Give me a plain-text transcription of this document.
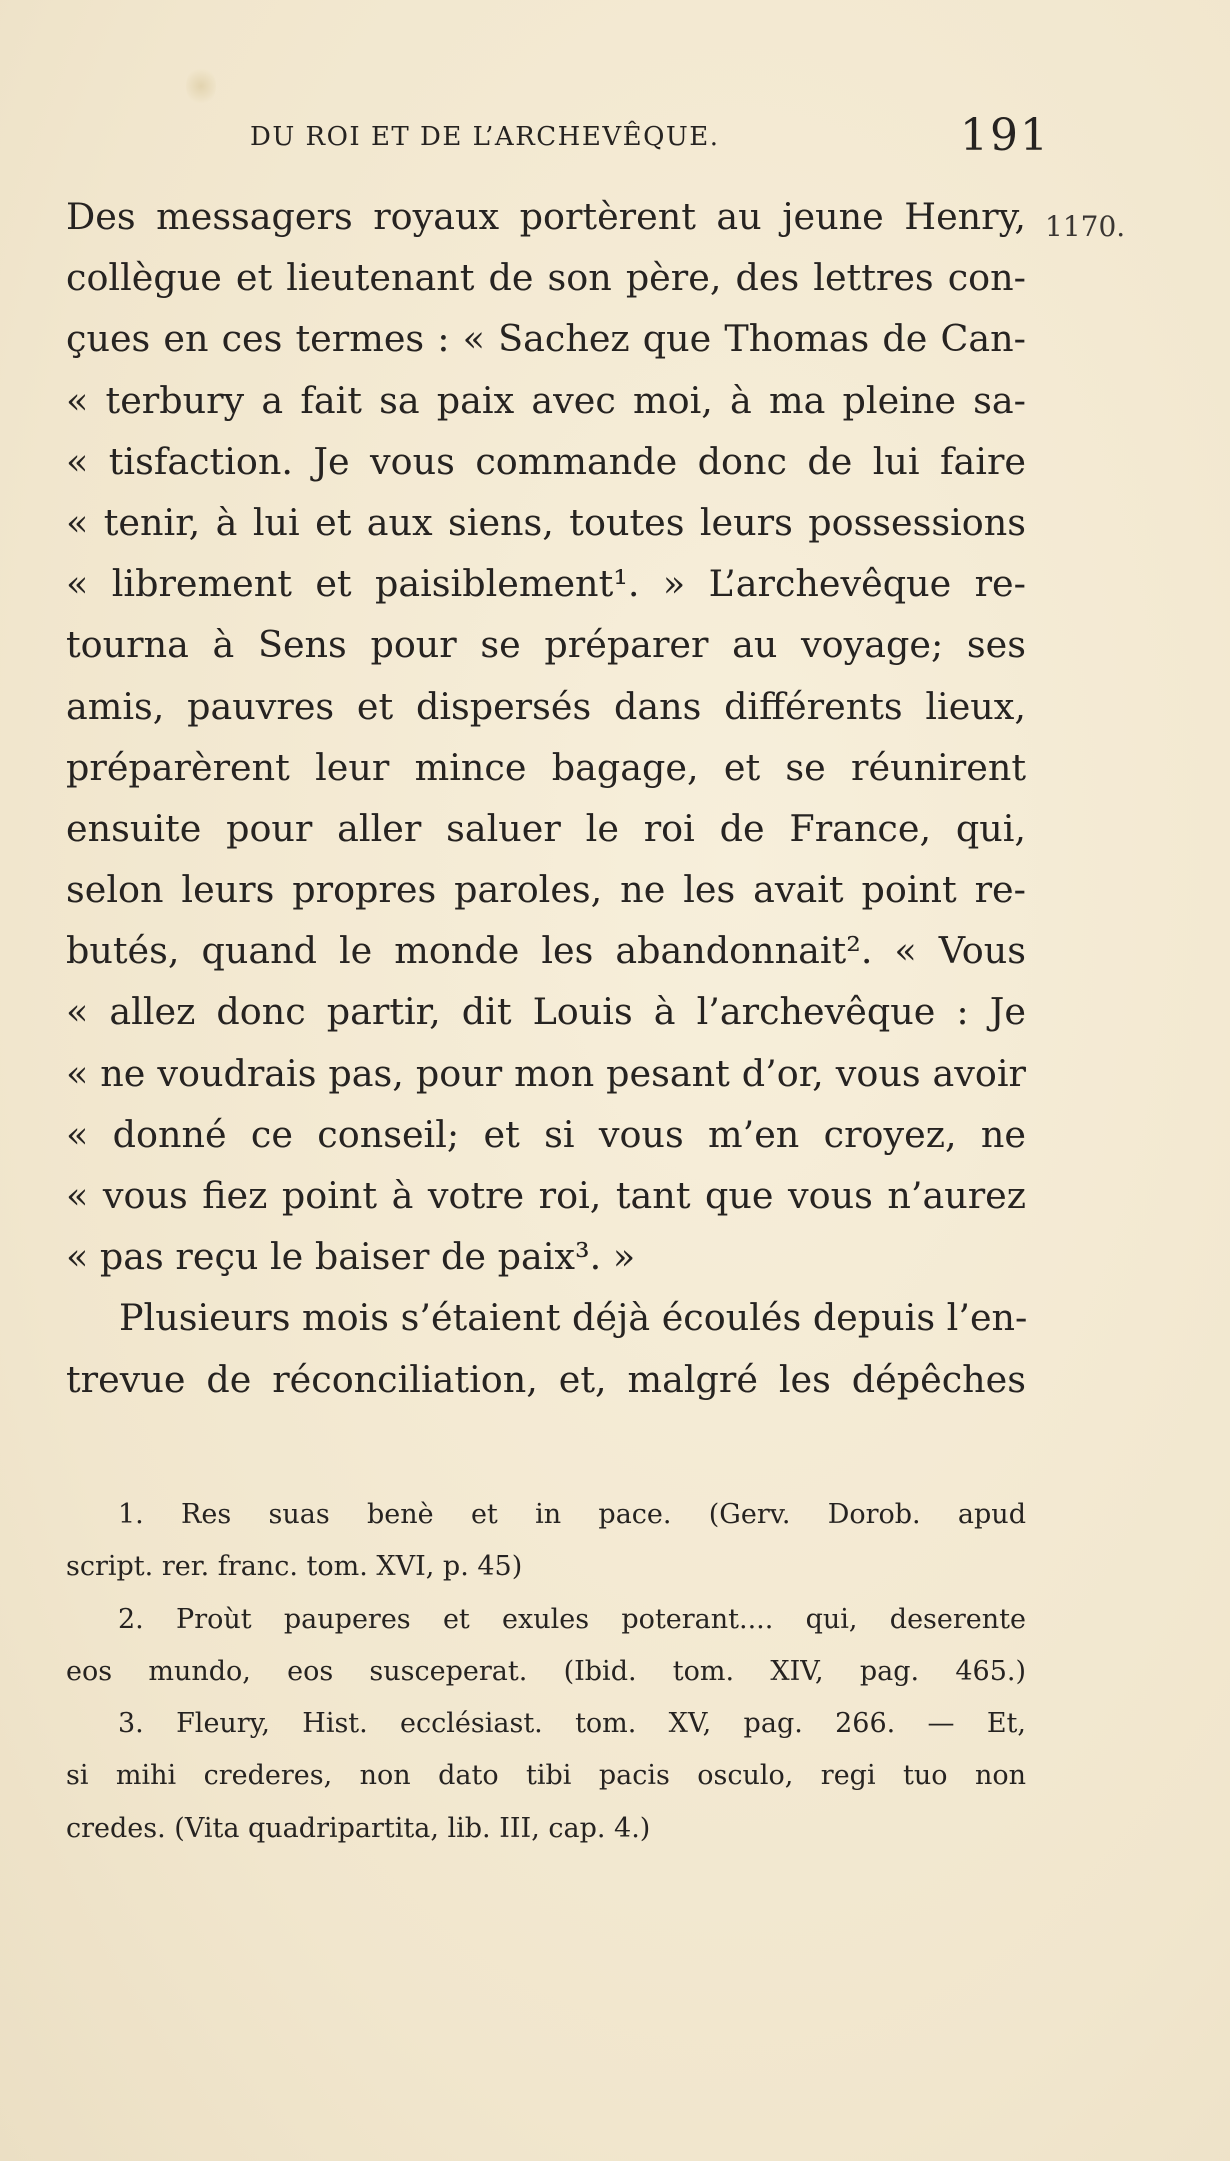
DU ROI ET DE L’ARCHEVÊQUE.	191
1170.
Des messagers royaux portèrent au jeune Henry,
collègue et lieutenant de son père, des lettres con-
çues en ces termes : « Sachez que Thomas de Can-
« terbury a fait sa paix avec moi, à ma pleine sa-
« tisfaction. Je vous commande donc de lui faire
« tenir, à lui et aux siens, toutes leurs possessions
« librement et paisiblement¹. » L’archevêque re-
tourna à Sens pour se préparer au voyage; ses
amis, pauvres et dispersés dans différents lieux,
préparèrent leur mince bagage, et se réunirent
ensuite pour aller saluer le roi de France, qui,
selon leurs propres paroles, ne les avait point re-
butés, quand le monde les abandonnait². « Vous
« allez donc partir, dit Louis à l’archevêque : Je
« ne voudrais pas, pour mon pesant d’or, vous avoir
« donné ce conseil; et si vous m’en croyez, ne
« vous fiez point à votre roi, tant que vous n’aurez
« pas reçu le baiser de paix³. »
Plusieurs mois s’étaient déjà écoulés depuis l’en-
trevue de réconciliation, et, malgré les dépêches
1. Res suas benè et in pace. (Gerv. Dorob. apud
script. rer. franc. tom. XVI, p. 45)
2. Proùt pauperes et exules poterant.... qui, deserente
eos mundo, eos susceperat. (Ibid. tom. XIV, pag. 465.)
3. Fleury, Hist. ecclésiast. tom. XV, pag. 266. — Et,
si mihi crederes, non dato tibi pacis osculo, regi tuo non
credes. (Vita quadripartita, lib. III, cap. 4.)
